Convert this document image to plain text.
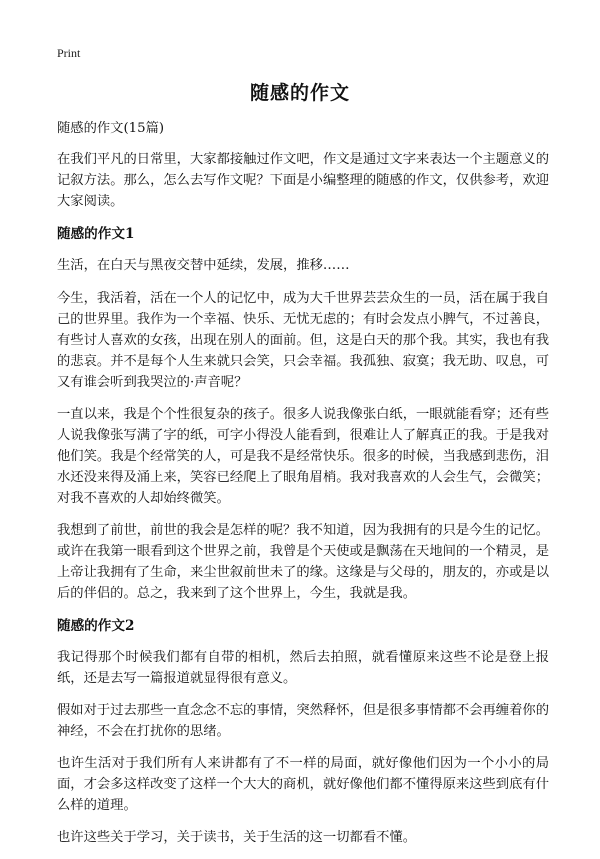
Print
随感的作文

随感的作文(15篇)

在我们平凡的日常里，大家都接触过作文吧，作文是通过文字来表达一个主题意义的记叙方法。那么，怎么去写作文呢？下面是小编整理的随感的作文，仅供参考，欢迎大家阅读。

随感的作文1

生活，在白天与黑夜交替中延续，发展，推移……

今生，我活着，活在一个人的记忆中，成为大千世界芸芸众生的一员，活在属于我自己的世界里。我作为一个幸福、快乐、无忧无虑的；有时会发点小脾气，不过善良，有些讨人喜欢的女孩，出现在别人的面前。但，这是白天的那个我。其实，我也有我的悲哀。并不是每个人生来就只会笑，只会幸福。我孤独、寂寞；我无助、叹息，可又有谁会听到我哭泣的·声音呢？

一直以来，我是个个性很复杂的孩子。很多人说我像张白纸，一眼就能看穿；还有些人说我像张写满了字的纸，可字小得没人能看到，很难让人了解真正的我。于是我对他们笑。我是个经常笑的人，可是我不是经常快乐。很多的时候，当我感到悲伤，泪水还没来得及涌上来，笑容已经爬上了眼角眉梢。我对我喜欢的人会生气，会微笑；对我不喜欢的人却始终微笑。

我想到了前世，前世的我会是怎样的呢？我不知道，因为我拥有的只是今生的记忆。或许在我第一眼看到这个世界之前，我曾是个天使或是飘荡在天地间的一个精灵，是上帝让我拥有了生命，来尘世叙前世未了的缘。这缘是与父母的，朋友的，亦或是以后的伴侣的。总之，我来到了这个世界上，今生，我就是我。

随感的作文2

我记得那个时候我们都有自带的相机，然后去拍照，就看懂原来这些不论是登上报纸，还是去写一篇报道就显得很有意义。

假如对于过去那些一直念念不忘的事情，突然释怀，但是很多事情都不会再缠着你的神经，不会在打扰你的思绪。

也许生活对于我们所有人来讲都有了不一样的局面，就好像他们因为一个小小的局面，才会多这样改变了这样一个大大的商机，就好像他们都不懂得原来这些到底有什么样的道理。

也许这些关于学习，关于读书，关于生活的这一切都看不懂。
